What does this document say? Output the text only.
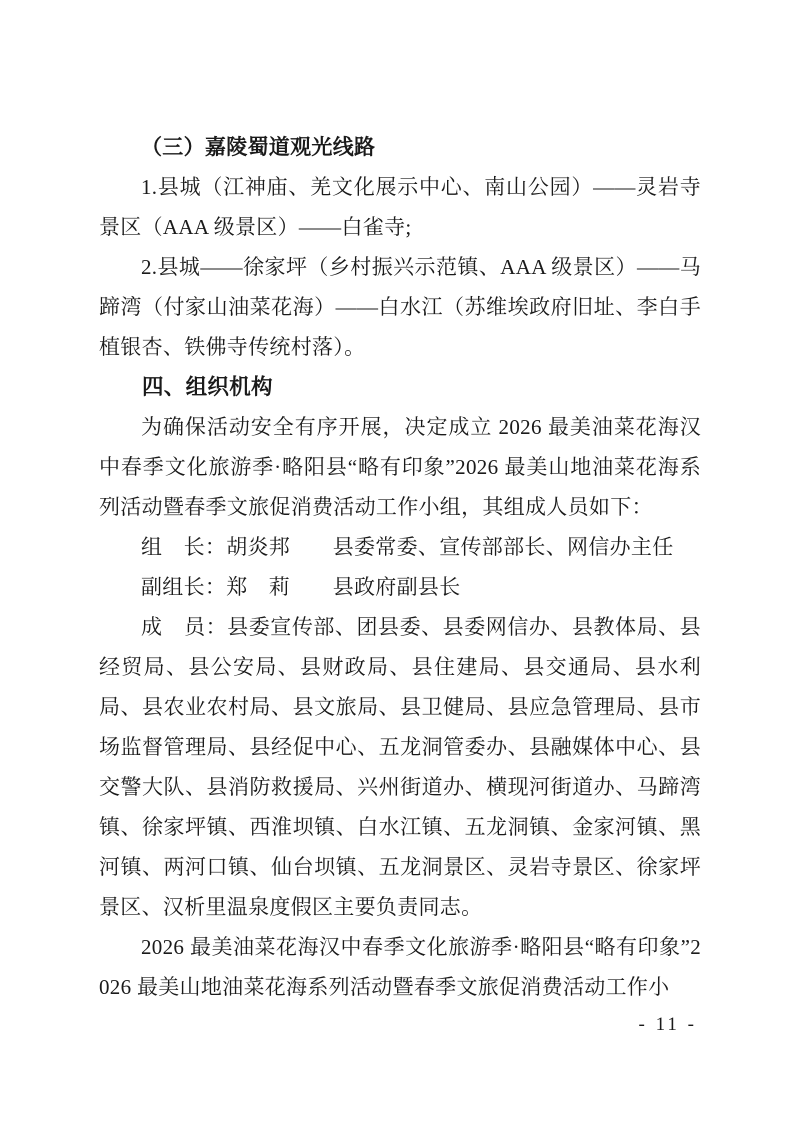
（三）嘉陵蜀道观光线路

1.县城（江神庙、羌文化展示中心、南山公园）——灵岩寺景区（AAA 级景区）——白雀寺;

2.县城——徐家坪（乡村振兴示范镇、AAA 级景区）——马蹄湾（付家山油菜花海）——白水江（苏维埃政府旧址、李白手植银杏、铁佛寺传统村落）。

四、组织机构

为确保活动安全有序开展，决定成立 2026 最美油菜花海汉中春季文化旅游季·略阳县“略有印象”2026 最美山地油菜花海系列活动暨春季文旅促消费活动工作小组，其组成人员如下：

组　长：胡炎邦　　县委常委、宣传部部长、网信办主任

副组长：郑　莉　　县政府副县长

成　员：县委宣传部、团县委、县委网信办、县教体局、县经贸局、县公安局、县财政局、县住建局、县交通局、县水利局、县农业农村局、县文旅局、县卫健局、县应急管理局、县市场监督管理局、县经促中心、五龙洞管委办、县融媒体中心、县交警大队、县消防救援局、兴州街道办、横现河街道办、马蹄湾镇、徐家坪镇、西淮坝镇、白水江镇、五龙洞镇、金家河镇、黑河镇、两河口镇、仙台坝镇、五龙洞景区、灵岩寺景区、徐家坪景区、汉析里温泉度假区主要负责同志。

2026 最美油菜花海汉中春季文化旅游季·略阳县“略有印象”2026 最美山地油菜花海系列活动暨春季文旅促消费活动工作小

- 11 -
